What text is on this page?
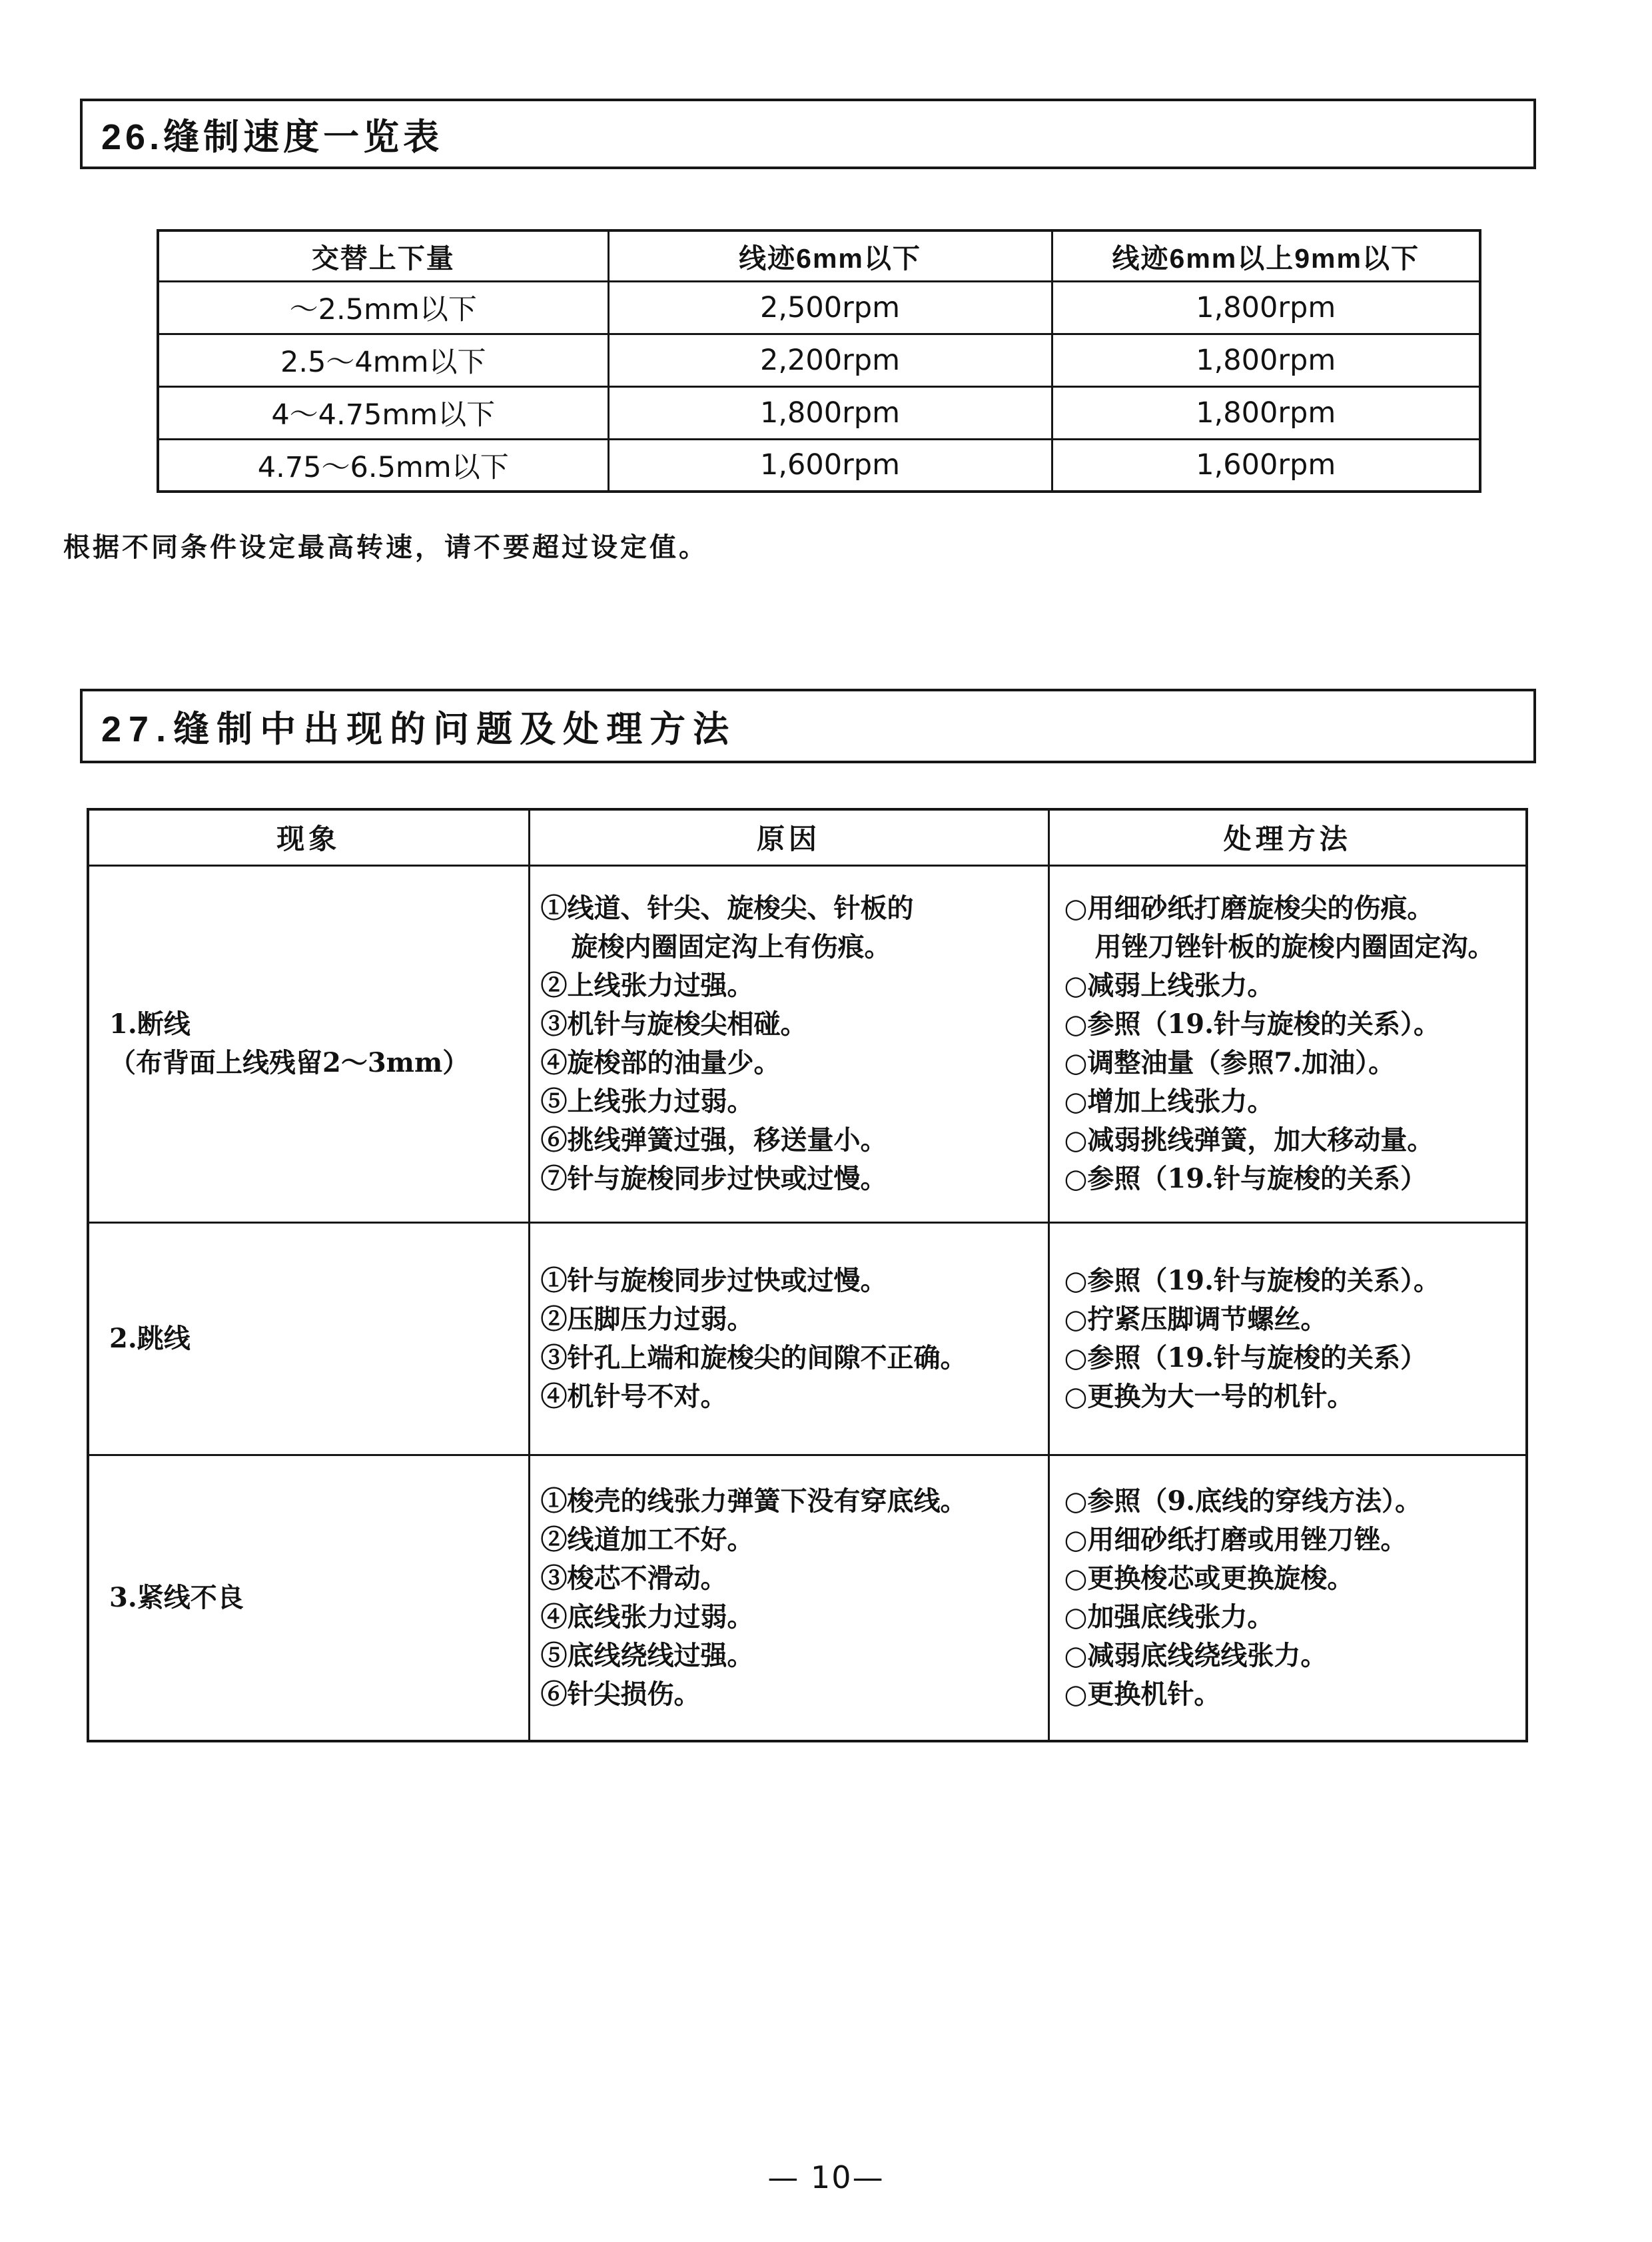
26.缝制速度一览表
交替上下量	线迹6mm以下	线迹6mm以上9mm以下
～2.5mm以下	2,500rpm	1,800rpm
2.5～4mm以下	2,200rpm	1,800rpm
4～4.75mm以下	1,800rpm	1,800rpm
4.75～6.5mm以下	1,600rpm	1,600rpm
根据不同条件设定最高转速，请不要超过设定值。
27.缝制中出现的问题及处理方法
现象	原因	处理方法

1.断线
（布背面上线残留2～3mm）

①线道、针尖、旋梭尖、针板的
旋梭内圈固定沟上有伤痕。
②上线张力过强。
③机针与旋梭尖相碰。
④旋梭部的油量少。
⑤上线张力过弱。
⑥挑线弹簧过强，移送量小。
⑦针与旋梭同步过快或过慢。

○用细砂纸打磨旋梭尖的伤痕。
用锉刀锉针板的旋梭内圈固定沟。
○减弱上线张力。
○参照（19.针与旋梭的关系）。
○调整油量（参照7.加油）。
○增加上线张力。
○减弱挑线弹簧，加大移动量。
○参照（19.针与旋梭的关系）

2.跳线

①针与旋梭同步过快或过慢。
②压脚压力过弱。
③针孔上端和旋梭尖的间隙不正确。
④机针号不对。

○参照（19.针与旋梭的关系）。
○拧紧压脚调节螺丝。
○参照（19.针与旋梭的关系）
○更换为大一号的机针。

3.紧线不良

①梭壳的线张力弹簧下没有穿底线。
②线道加工不好。
③梭芯不滑动。
④底线张力过弱。
⑤底线绕线过强。
⑥针尖损伤。

○参照（9.底线的穿线方法）。
○用细砂纸打磨或用锉刀锉。
○更换梭芯或更换旋梭。
○加强底线张力。
○减弱底线绕线张力。
○更换机针。
— 10—
